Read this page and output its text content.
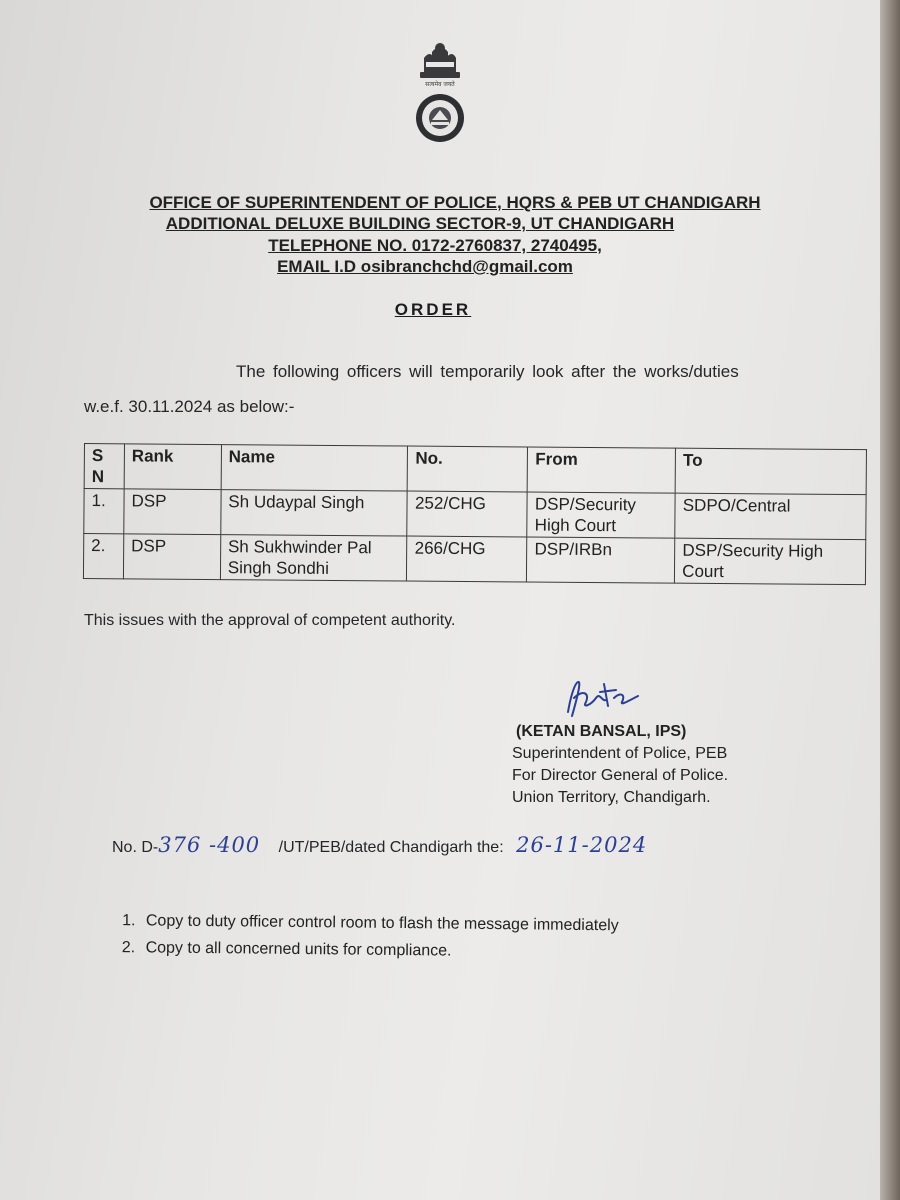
सत्यमेव जयते
OFFICE OF SUPERINTENDENT OF POLICE, HQRS & PEB UT CHANDIGARH
ADDITIONAL DELUXE BUILDING SECTOR-9, UT CHANDIGARH
TELEPHONE NO. 0172-2760837, 2740495,
EMAIL I.D osibranchchd@gmail.com
ORDER
The following officers will temporarily look after the works/duties
w.e.f. 30.11.2024 as below:-
S N	Rank	Name	No.	From	To
1.	DSP	Sh Udaypal Singh	252/CHG	DSP/Security High Court	SDPO/Central
2.	DSP	Sh Sukhwinder Pal Singh Sondhi	266/CHG	DSP/IRBn	DSP/Security High Court
This issues with the approval of competent authority.
(KETAN BANSAL, IPS)
Superintendent of Police, PEB
For Director General of Police.
Union Territory, Chandigarh.
No. D-376 -400 /UT/PEB/dated Chandigarh the: 26-11-2024
1. Copy to duty officer control room to flash the message immediately
2. Copy to all concerned units for compliance.
